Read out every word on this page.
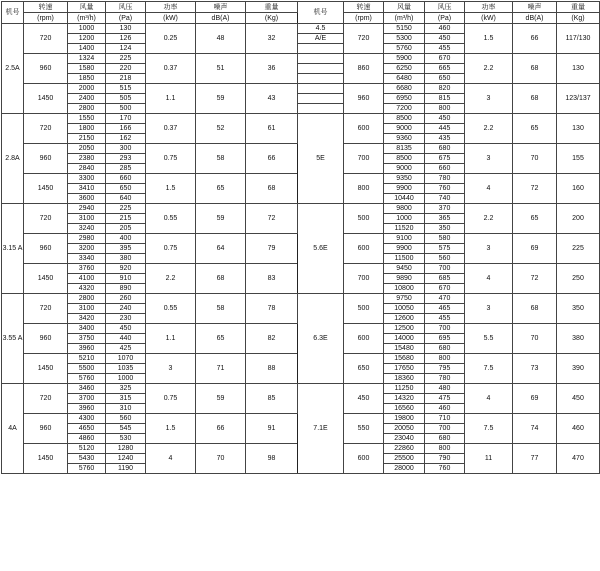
机号	转速	风量	风压	功率	噪声	重量	机号	转速	风量	风压	功率	噪声	重量
	(rpm)	(m³/h)	(Pa)	(kW)	dB(A)	(Kg)		(rpm)	(m³/h)	(Pa)	(kW)	dB(A)	(Kg)
2.5A	720	1000	130	0.25	48	32	4.5	720	5150	460	1.5	66	117/130
		1200	126				A/E		5300	450			
		1400	124						5760	455			
	960	1324	225	0.37	51	36		860	5900	670	2.2	68	130
		1580	220						6250	665			
		1850	218						6480	650			
	1450	2000	515	1.1	59	43		960	6680	820	3	68	123/137
		2400	505						6950	815			
		2800	500						7200	800			
2.8A	720	1550	170	0.37	52	61	5E	600	8500	450	2.2	65	130
		1800	166						9000	445			
		2150	162						9360	435			
	960	2050	300	0.75	58	66		700	8135	680	3	70	155
		2380	293						8500	675			
		2840	285						9000	660			
	1450	3300	660	1.5	65	68		800	9350	780	4	72	160
		3410	650						9900	760			
		3600	640						10440	740			
3.15 A	720	2940	225	0.55	59	72	5.6E	500	9800	370	2.2	65	200
		3100	215						1000	365			
		3240	205						11520	350			
	960	2980	400	0.75	64	79		600	9100	580	3	69	225
		3200	395						9900	575			
		3340	380						11500	560			
	1450	3760	920	2.2	68	83		700	9450	700	4	72	250
		4100	910						9890	685			
		4320	890						10800	670			
3.55 A	720	2800	260	0.55	58	78	6.3E	500	9750	470	3	68	350
		3100	240						10050	465			
		3420	230						12600	455			
	960	3400	450	1.1	65	82		600	12500	700	5.5	70	380
		3750	440						14000	695			
		3960	425						15480	680			
	1450	5210	1070	3	71	88		650	15680	800	7.5	73	390
		5500	1035						17650	795			
		5760	1000						18360	780			
4A	720	3460	325	0.75	59	85	7.1E	450	11250	480	4	69	450
		3700	315						14320	475			
		3960	310						16560	460			
	960	4300	560	1.5	66	91		550	19800	710	7.5	74	460
		4650	545						20050	700			
		4860	530						23040	680			
	1450	5120	1280	4	70	98		600	22860	800	11	77	470
		5430	1240						25500	790			
		5760	1190						28000	760			
